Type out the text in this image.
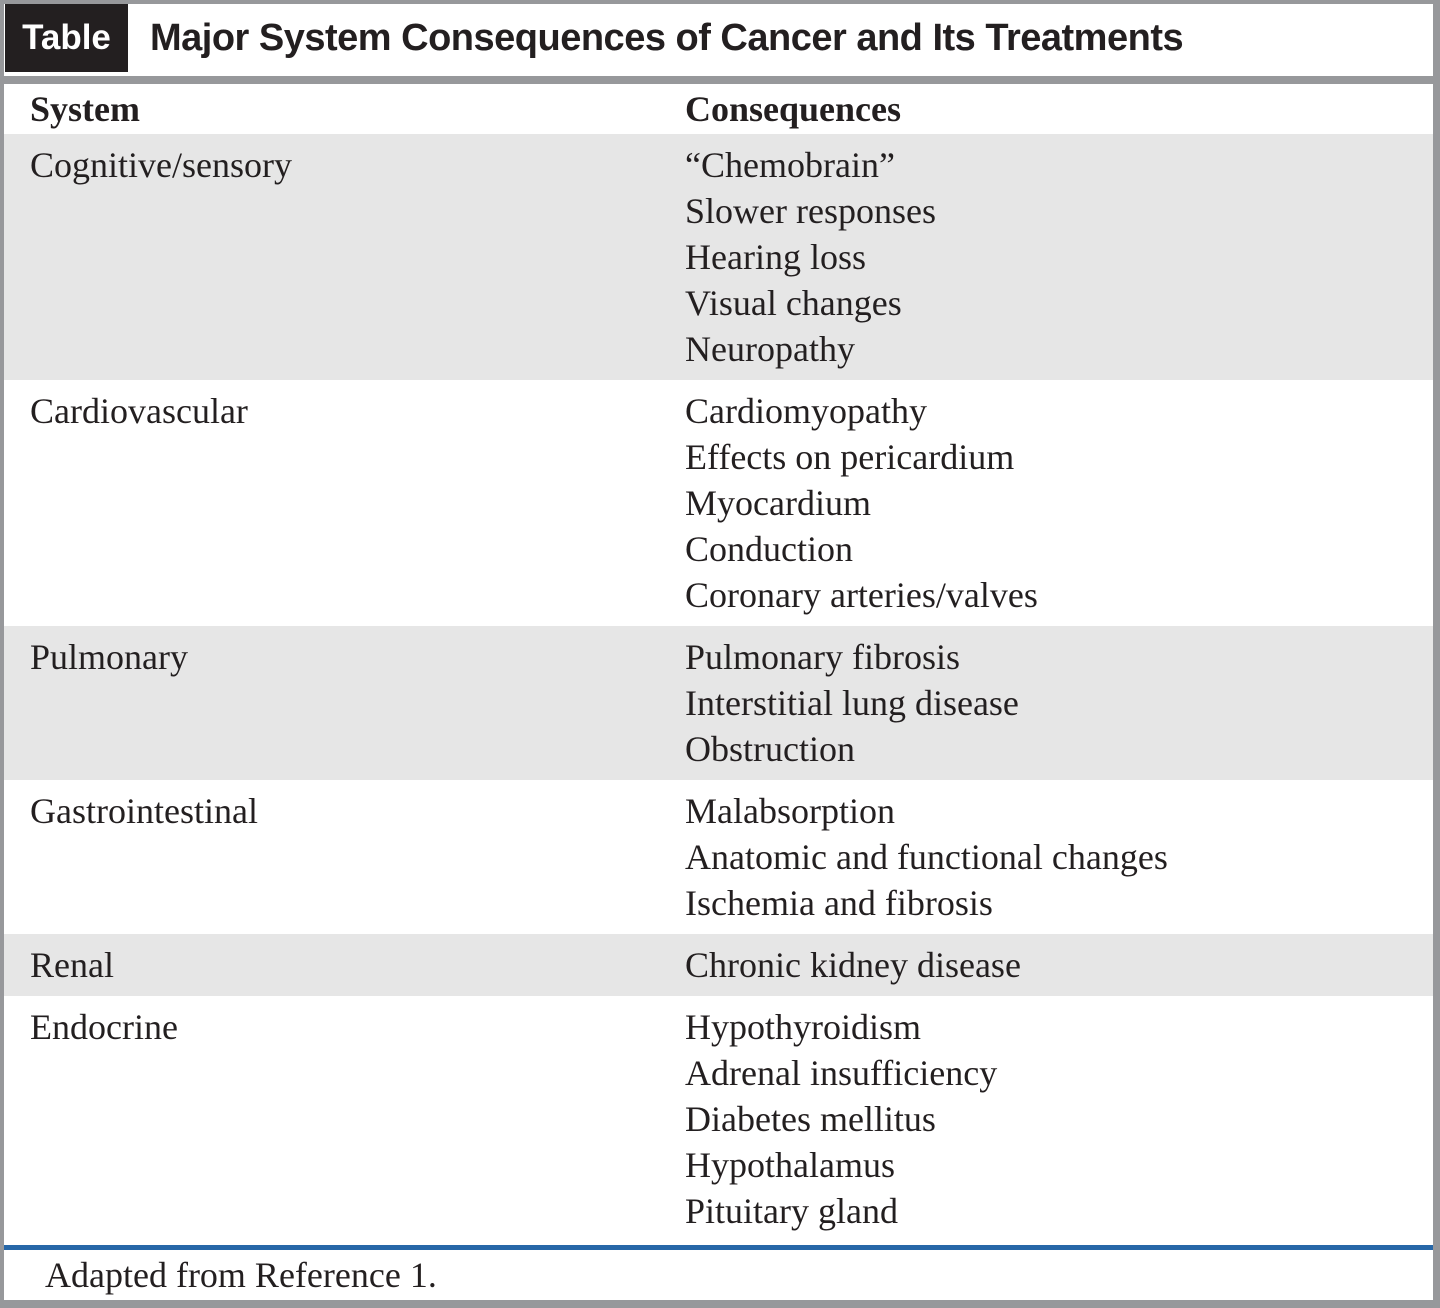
Table	Major System Consequences of Cancer and Its Treatments
System	Consequences
Cognitive/sensory	“Chemobrain”
Slower responses
Hearing loss
Visual changes
Neuropathy
Cardiovascular	Cardiomyopathy
Effects on pericardium
Myocardium
Conduction
Coronary arteries/valves
Pulmonary	Pulmonary fibrosis
Interstitial lung disease
Obstruction
Gastrointestinal	Malabsorption
Anatomic and functional changes
Ischemia and fibrosis
Renal	Chronic kidney disease
Endocrine	Hypothyroidism
Adrenal insufficiency
Diabetes mellitus
Hypothalamus
Pituitary gland
Adapted from Reference 1.
